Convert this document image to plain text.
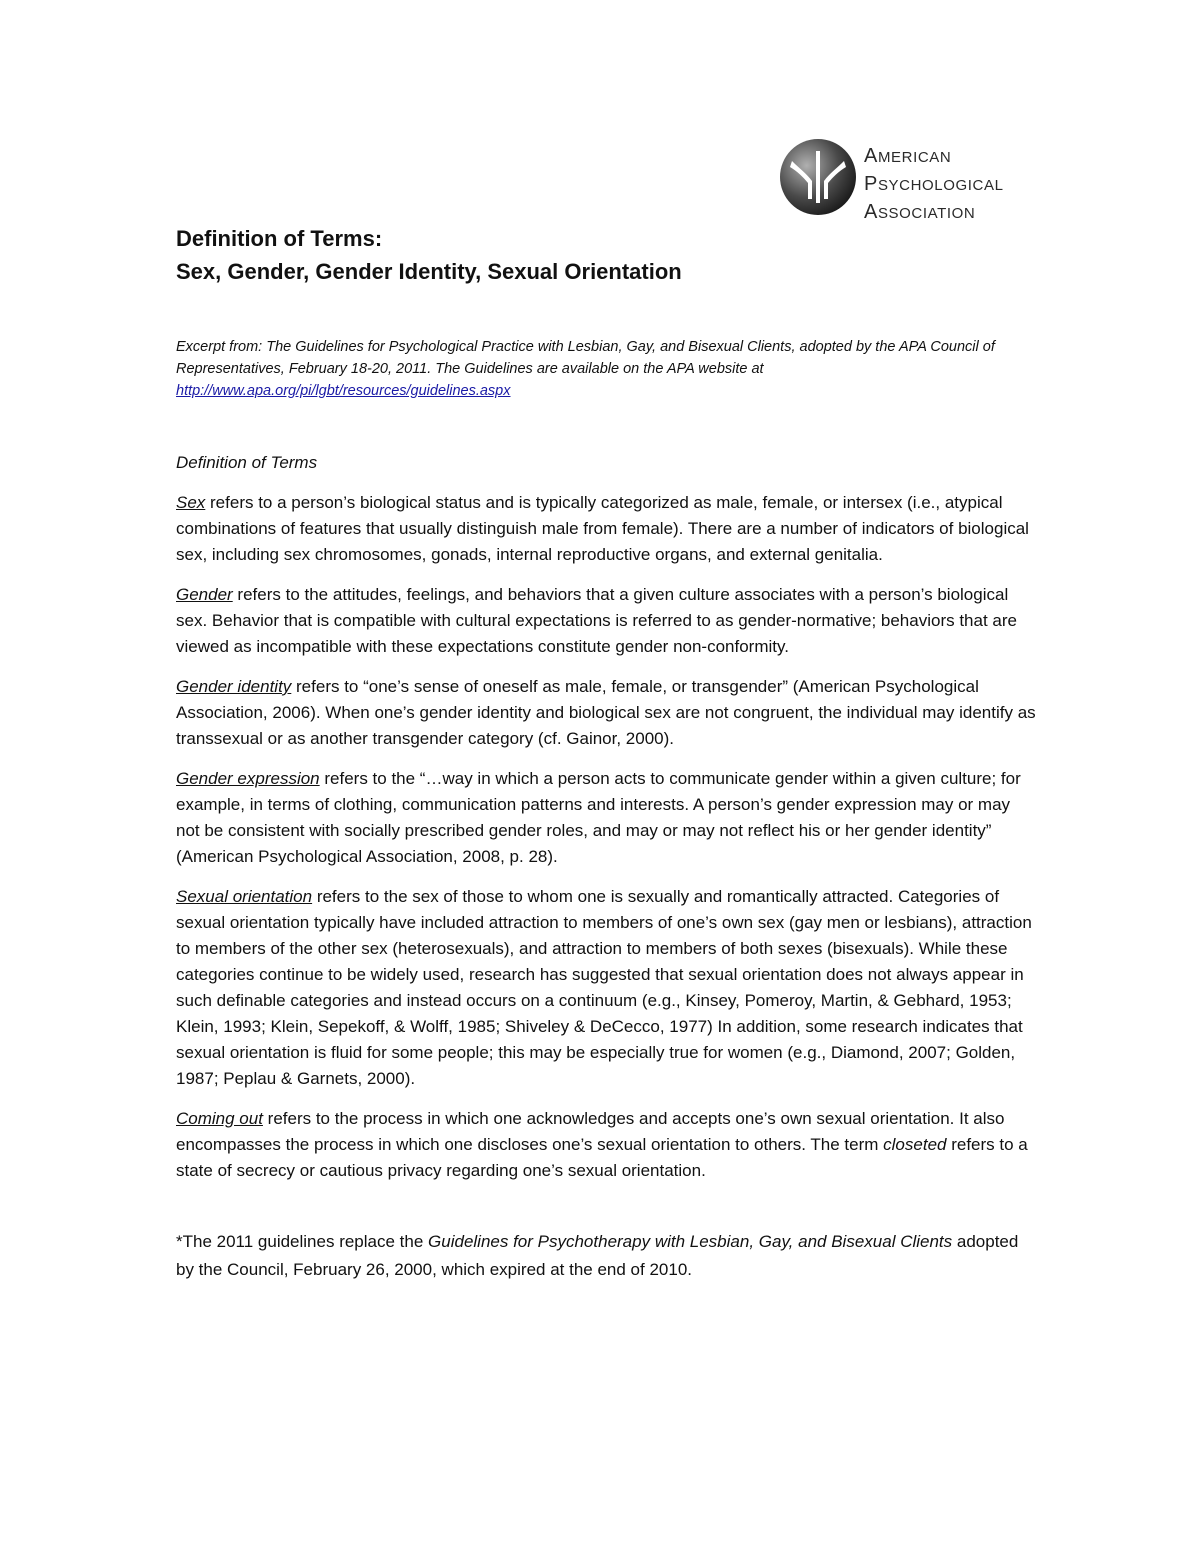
AMERICAN
PSYCHOLOGICAL
ASSOCIATION
Definition of Terms:
Sex, Gender, Gender Identity, Sexual Orientation

Excerpt from: The Guidelines for Psychological Practice with Lesbian, Gay, and Bisexual Clients, adopted by the APA Council of Representatives, February 18-20, 2011. The Guidelines are available on the APA website at http://www.apa.org/pi/lgbt/resources/guidelines.aspx

Definition of Terms

Sex refers to a person’s biological status and is typically categorized as male, female, or intersex (i.e., atypical combinations of features that usually distinguish male from female). There are a number of indicators of biological sex, including sex chromosomes, gonads, internal reproductive organs, and external genitalia.

Gender refers to the attitudes, feelings, and behaviors that a given culture associates with a person’s biological sex. Behavior that is compatible with cultural expectations is referred to as gender-normative; behaviors that are viewed as incompatible with these expectations constitute gender non-conformity.

Gender identity refers to “one’s sense of oneself as male, female, or transgender” (American Psychological Association, 2006). When one’s gender identity and biological sex are not congruent, the individual may identify as transsexual or as another transgender category (cf. Gainor, 2000).

Gender expression refers to the “…way in which a person acts to communicate gender within a given culture; for example, in terms of clothing, communication patterns and interests. A person’s gender expression may or may not be consistent with socially prescribed gender roles, and may or may not reflect his or her gender identity” (American Psychological Association, 2008, p. 28).

Sexual orientation refers to the sex of those to whom one is sexually and romantically attracted. Categories of sexual orientation typically have included attraction to members of one’s own sex (gay men or lesbians), attraction to members of the other sex (heterosexuals), and attraction to members of both sexes (bisexuals). While these categories continue to be widely used, research has suggested that sexual orientation does not always appear in such definable categories and instead occurs on a continuum (e.g., Kinsey, Pomeroy, Martin, & Gebhard, 1953; Klein, 1993; Klein, Sepekoff, & Wolff, 1985; Shiveley & DeCecco, 1977) In addition, some research indicates that sexual orientation is fluid for some people; this may be especially true for women (e.g., Diamond, 2007; Golden, 1987; Peplau & Garnets, 2000).

Coming out refers to the process in which one acknowledges and accepts one’s own sexual orientation. It also encompasses the process in which one discloses one’s sexual orientation to others. The term closeted refers to a state of secrecy or cautious privacy regarding one’s sexual orientation.

*The 2011 guidelines replace the Guidelines for Psychotherapy with Lesbian, Gay, and Bisexual Clients adopted by the Council, February 26, 2000, which expired at the end of 2010.
